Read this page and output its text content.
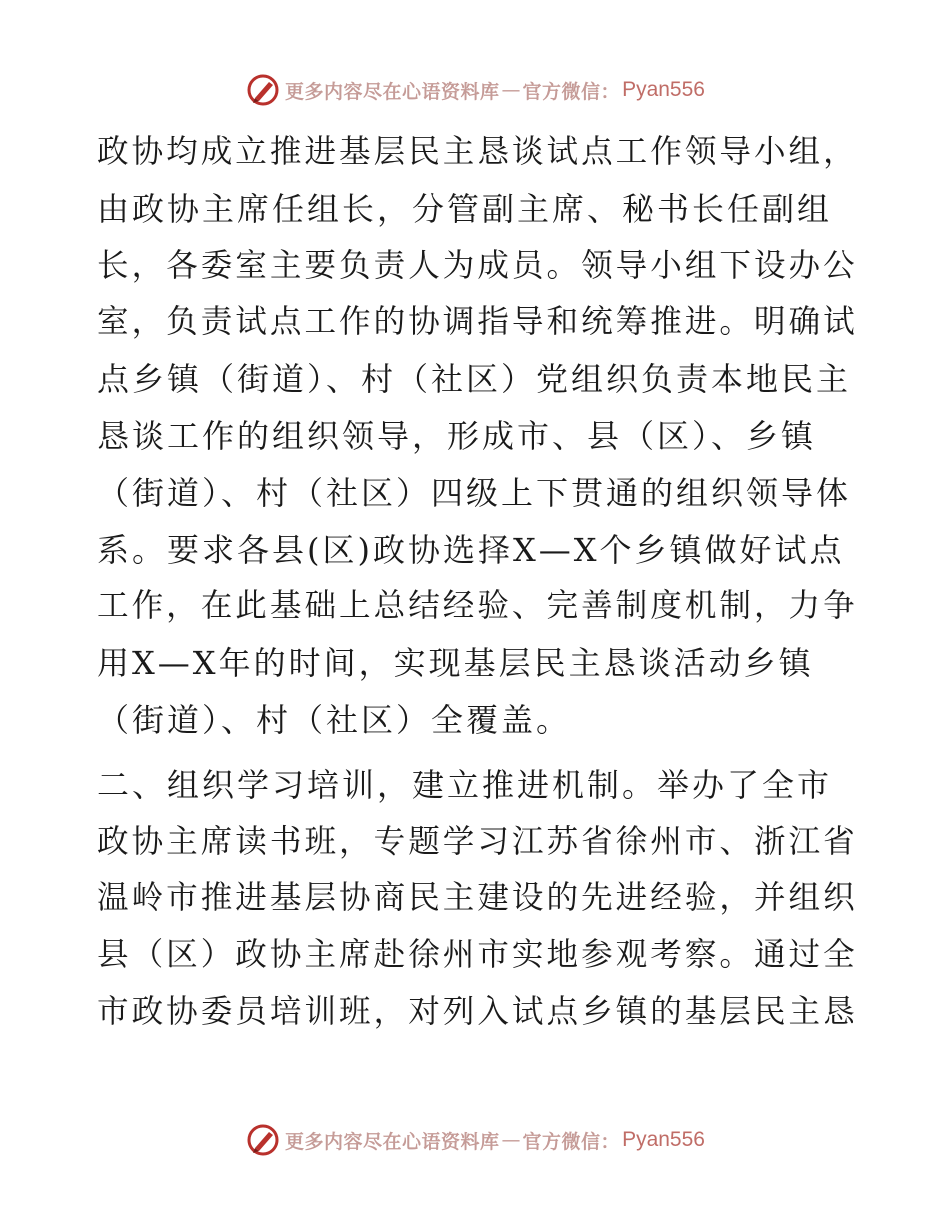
更多内容尽在心语资料库 — 官方微信： Pyan556

政协均成立推进基层民主恳谈试点工作领导小组，
由政协主席任组长，分管副主席、秘书长任副组
长，各委室主要负责人为成员。领导小组下设办公
室，负责试点工作的协调指导和统筹推进。明确试
点乡镇（街道）、村（社区）党组织负责本地民主
恳谈工作的组织领导，形成市、县（区）、乡镇
（街道）、村（社区）四级上下贯通的组织领导体
系。要求各县(区)政协选择X—X个乡镇做好试点
工作，在此基础上总结经验、完善制度机制，力争
用X—X年的时间，实现基层民主恳谈活动乡镇
（街道）、村（社区）全覆盖。

二、组织学习培训，建立推进机制。举办了全市
政协主席读书班，专题学习江苏省徐州市、浙江省
温岭市推进基层协商民主建设的先进经验，并组织
县（区）政协主席赴徐州市实地参观考察。通过全
市政协委员培训班，对列入试点乡镇的基层民主恳

更多内容尽在心语资料库 — 官方微信： Pyan556
